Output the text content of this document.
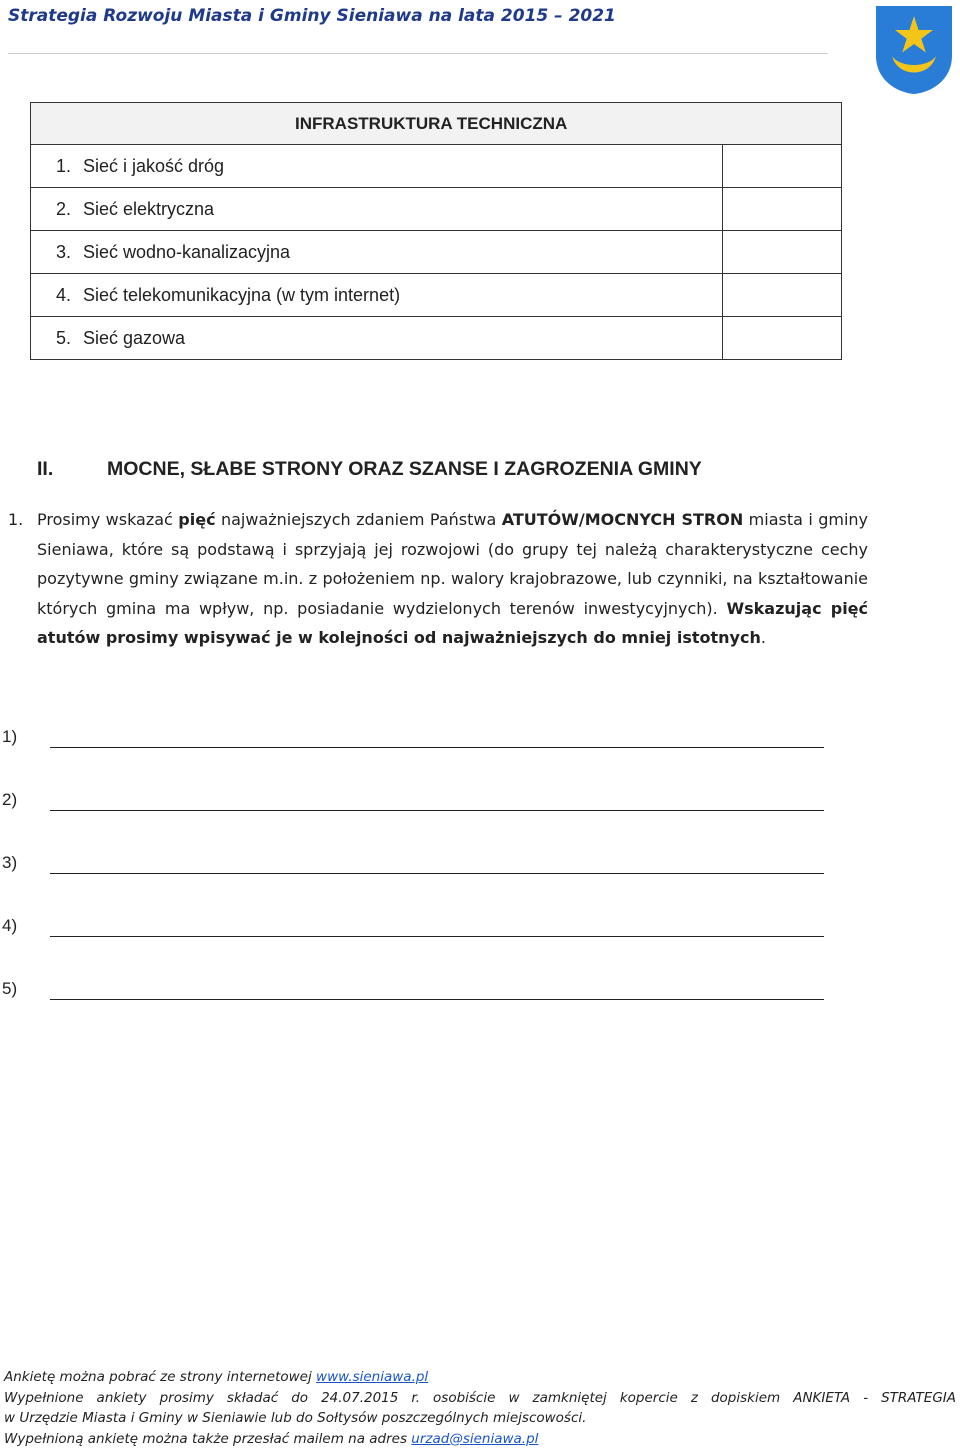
Strategia Rozwoju Miasta i Gminy Sieniawa na lata 2015 – 2021
INFRASTRUKTURA TECHNICZNA		
1.	Sieć i jakość dróg	
2.	Sieć elektryczna	
3.	Sieć wodno-kanalizacyjna	
4.	Sieć telekomunikacyjna (w tym internet)	
5.	Sieć gazowa	
II.	MOCNE, SŁABE STRONY ORAZ SZANSE I ZAGROZENIA GMINY
1. Prosimy wskazać pięć najważniejszych zdaniem Państwa ATUTÓW/MOCNYCH STRON miasta i gminy Sieniawa, które są podstawą i sprzyjają jej rozwojowi (do grupy tej należą charakterystyczne cechy pozytywne gminy związane m.in. z położeniem np. walory krajobrazowe, lub czynniki, na kształtowanie których gmina ma wpływ, np. posiadanie wydzielonych terenów inwestycyjnych). Wskazując pięć atutów prosimy wpisywać je w kolejności od najważniejszych do mniej istotnych.
1)
2)
3)
4)
5)
Ankietę można pobrać ze strony internetowej www.sieniawa.pl
Wypełnione ankiety prosimy składać do 24.07.2015 r. osobiście w zamkniętej kopercie z dopiskiem ANKIETA - STRATEGIA
w Urzędzie Miasta i Gminy w Sieniawie lub do Sołtysów poszczególnych miejscowości.
Wypełnioną ankietę można także przesłać mailem na adres urzad@sieniawa.pl
